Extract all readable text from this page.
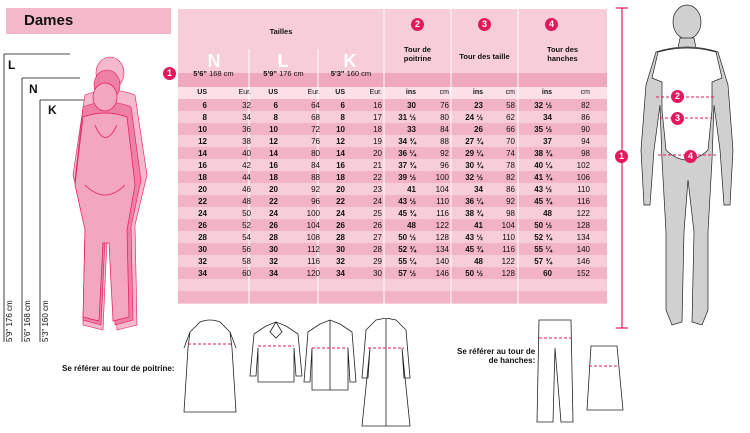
Dames
L
N
K
5'9" 176 cm 5'6" 168 cm 5'3" 160 cm
N	L	K
Tailles
5'6" 168 cm	5'9" 176 cm	5'3" 160 cm
1
2
Tour de
poitrine
3
Tour des taille
4
Tour des
hanches
US	Eur.	US	Eur.	US	Eur.	ins	cm	ins	cm	ins	cm
6	32	6	64	6	16	30	76	23	58	32 ½	82
8	34	8	68	8	17	31 ½	80	24 ½	62	34	86
10	36	10	72	10	18	33	84	26	66	35 ½	90
12	38	12	76	12	19	34 ¾	88	27 ¾	70	37	94
14	40	14	80	14	20	36 ¼	92	29 ¼	74	38 ¾	98
16	42	16	84	16	21	37 ¾	96	30 ¾	78	40 ¼	102
18	44	18	88	18	22	39 ½	100	32 ½	82	41 ¾	106
20	46	20	92	20	23	41	104	34	86	43 ½	110
22	48	22	96	22	24	43 ½	110	36 ¼	92	45 ¾	116
24	50	24	100	24	25	45 ¾	116	38 ¾	98	48	122
26	52	26	104	26	26	48	122	41	104	50 ½	128
28	54	28	108	28	27	50 ½	128	43 ½	110	52 ¾	134
30	56	30	112	30	28	52 ¾	134	45 ¾	116	55 ¼	140
32	58	32	116	32	29	55 ¼	140	48	122	57 ¾	146
34	60	34	120	34	30	57 ½	146	50 ½	128	60	152
1
2
3
4
Se référer au tour de poitrine:
Se référer au tour de
de hanches:
